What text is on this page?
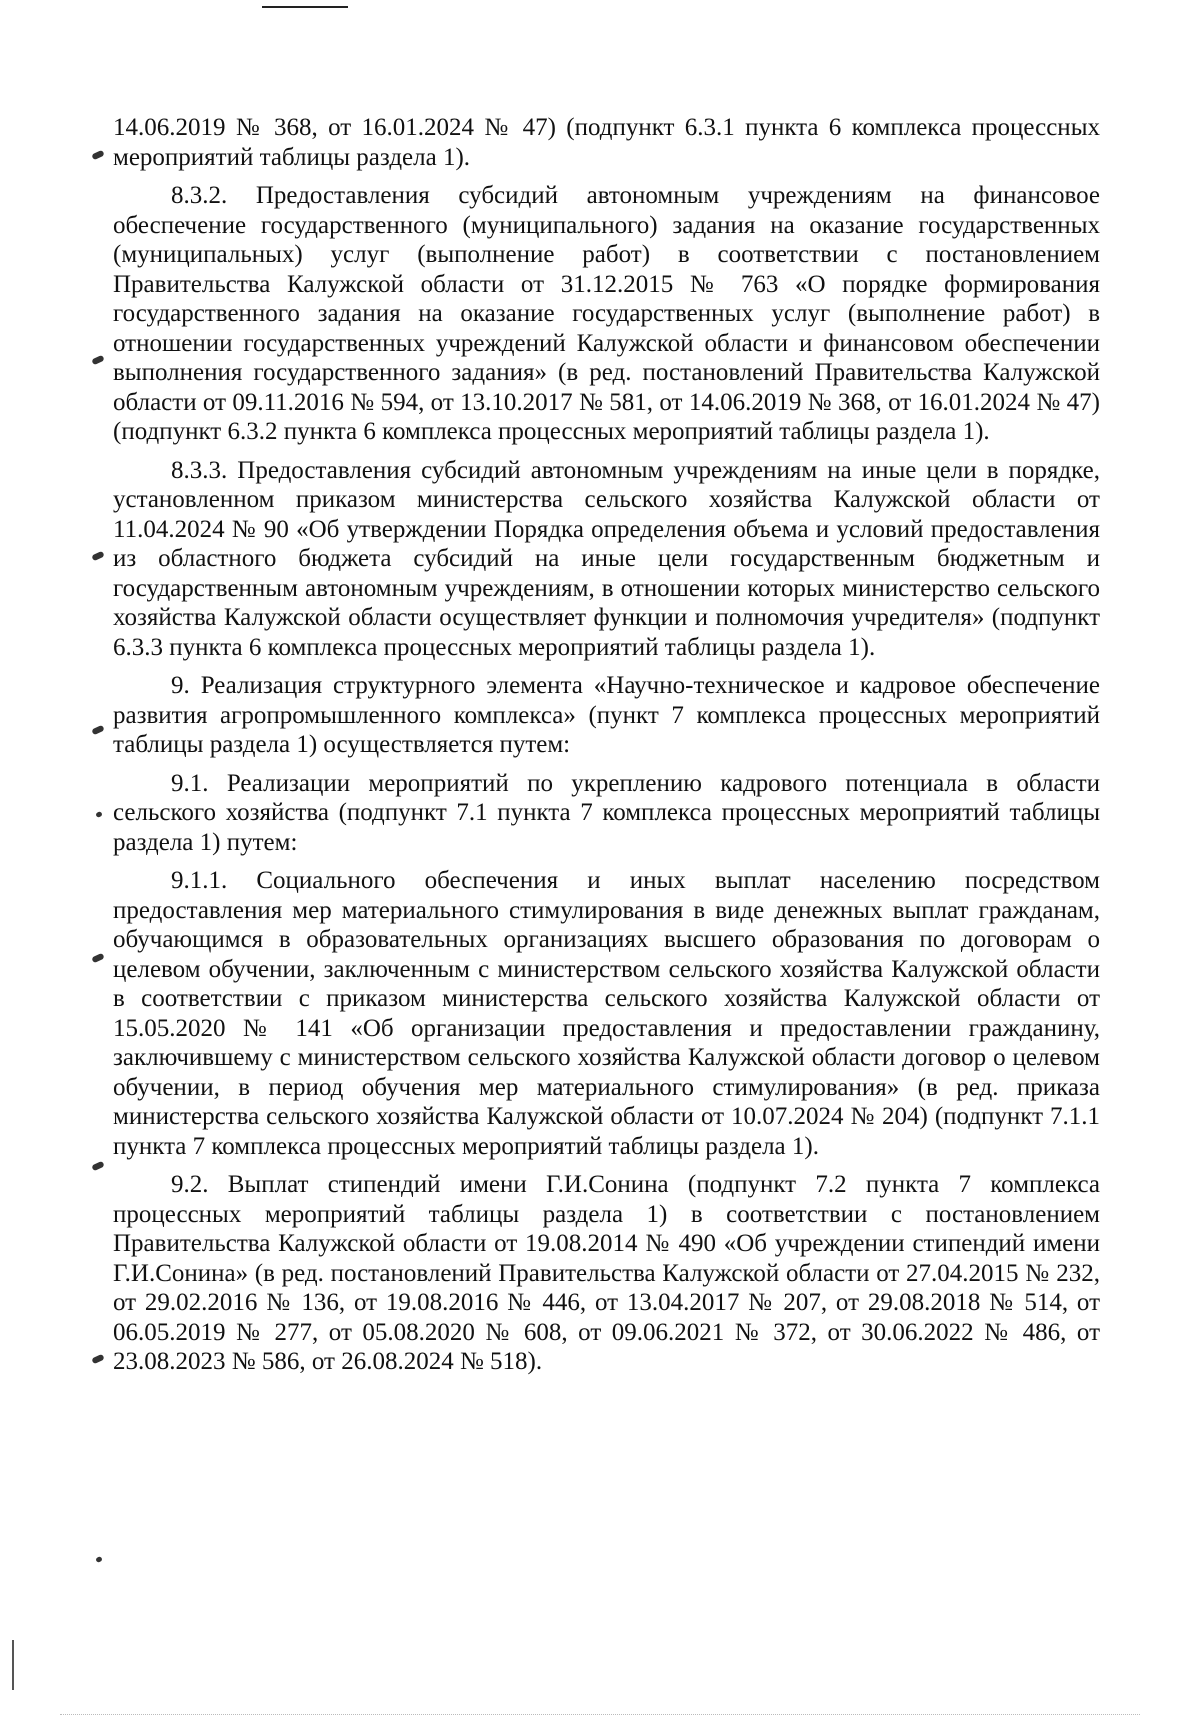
14.06.2019 № 368, от 16.01.2024 № 47) (подпункт 6.3.1 пункта 6 комплекса процессных мероприятий таблицы раздела 1).

8.3.2. Предоставления субсидий автономным учреждениям на финансовое обеспечение государственного (муниципального) задания на оказание государственных (муниципальных) услуг (выполнение работ) в соответствии с постановлением Правительства Калужской области от 31.12.2015 № 763 «О порядке формирования государственного задания на оказание государственных услуг (выполнение работ) в отношении государственных учреждений Калужской области и финансовом обеспечении выполнения государственного задания» (в ред. постановлений Правительства Калужской области от 09.11.2016 № 594, от 13.10.2017 № 581, от 14.06.2019 № 368, от 16.01.2024 № 47) (подпункт 6.3.2 пункта 6 комплекса процессных мероприятий таблицы раздела 1).

8.3.3. Предоставления субсидий автономным учреждениям на иные цели в порядке, установленном приказом министерства сельского хозяйства Калужской области от 11.04.2024 № 90 «Об утверждении Порядка определения объема и условий предоставления из областного бюджета субсидий на иные цели государственным бюджетным и государственным автономным учреждениям, в отношении которых министерство сельского хозяйства Калужской области осуществляет функции и полномочия учредителя» (подпункт 6.3.3 пункта 6 комплекса процессных мероприятий таблицы раздела 1).

9. Реализация структурного элемента «Научно-техническое и кадровое обеспечение развития агропромышленного комплекса» (пункт 7 комплекса процессных мероприятий таблицы раздела 1) осуществляется путем:

9.1. Реализации мероприятий по укреплению кадрового потенциала в области сельского хозяйства (подпункт 7.1 пункта 7 комплекса процессных мероприятий таблицы раздела 1) путем:

9.1.1. Социального обеспечения и иных выплат населению посредством предоставления мер материального стимулирования в виде денежных выплат гражданам, обучающимся в образовательных организациях высшего образования по договорам о целевом обучении, заключенным с министерством сельского хозяйства Калужской области в соответствии с приказом министерства сельского хозяйства Калужской области от 15.05.2020 № 141 «Об организации предоставления и предоставлении гражданину, заключившему с министерством сельского хозяйства Калужской области договор о целевом обучении, в период обучения мер материального стимулирования» (в ред. приказа министерства сельского хозяйства Калужской области от 10.07.2024 № 204) (подпункт 7.1.1 пункта 7 комплекса процессных мероприятий таблицы раздела 1).

9.2. Выплат стипендий имени Г.И.Сонина (подпункт 7.2 пункта 7 комплекса процессных мероприятий таблицы раздела 1) в соответствии с постановлением Правительства Калужской области от 19.08.2014 № 490 «Об учреждении стипендий имени Г.И.Сонина» (в ред. постановлений Правительства Калужской области от 27.04.2015 № 232, от 29.02.2016 № 136, от 19.08.2016 № 446, от 13.04.2017 № 207, от 29.08.2018 № 514, от 06.05.2019 № 277, от 05.08.2020 № 608, от 09.06.2021 № 372, от 30.06.2022 № 486, от 23.08.2023 № 586, от 26.08.2024 № 518).
